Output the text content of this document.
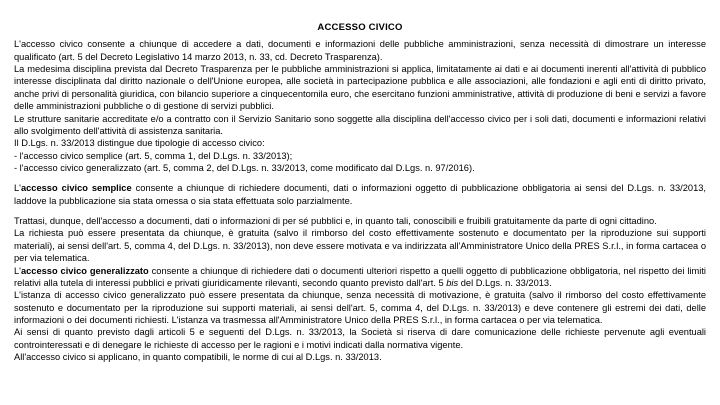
ACCESSO CIVICO

L'accesso civico consente a chiunque di accedere a dati, documenti e informazioni delle pubbliche amministrazioni, senza necessità di dimostrare un interesse qualificato (art. 5 del Decreto Legislativo 14 marzo 2013, n. 33, cd. Decreto Trasparenza).

La medesima disciplina prevista dal Decreto Trasparenza per le pubbliche amministrazioni si applica, limitatamente ai dati e ai documenti inerenti all'attività di pubblico interesse disciplinata dal diritto nazionale o dell'Unione europea, alle società in partecipazione pubblica e alle associazioni, alle fondazioni e agli enti di diritto privato, anche privi di personalità giuridica, con bilancio superiore a cinquecentomila euro, che esercitano funzioni amministrative, attività di produzione di beni e servizi a favore delle amministrazioni pubbliche o di gestione di servizi pubblici.

Le strutture sanitarie accreditate e/o a contratto con il Servizio Sanitario sono soggette alla disciplina dell'accesso civico per i soli dati, documenti e informazioni relativi allo svolgimento dell'attività di assistenza sanitaria.

Il D.Lgs. n. 33/2013 distingue due tipologie di accesso civico:

- l'accesso civico semplice (art. 5, comma 1, del D.Lgs. n. 33/2013);

- l'accesso civico generalizzato (art. 5, comma 2, del D.Lgs. n. 33/2013, come modificato dal D.Lgs. n. 97/2016).

L'accesso civico semplice consente a chiunque di richiedere documenti, dati o informazioni oggetto di pubblicazione obbligatoria ai sensi del D.Lgs. n. 33/2013, laddove la pubblicazione sia stata omessa o sia stata effettuata solo parzialmente.

Trattasi, dunque, dell'accesso a documenti, dati o informazioni di per sé pubblici e, in quanto tali, conoscibili e fruibili gratuitamente da parte di ogni cittadino.

La richiesta può essere presentata da chiunque, è gratuita (salvo il rimborso del costo effettivamente sostenuto e documentato per la riproduzione sui supporti materiali), ai sensi dell'art. 5, comma 4, del D.Lgs. n. 33/2013), non deve essere motivata e va indirizzata all'Amministratore Unico della PRES S.r.l., in forma cartacea o per via telematica.

L'accesso civico generalizzato consente a chiunque di richiedere dati o documenti ulteriori rispetto a quelli oggetto di pubblicazione obbligatoria, nel rispetto dei limiti relativi alla tutela di interessi pubblici e privati giuridicamente rilevanti, secondo quanto previsto dall'art. 5 bis del D.Lgs. n. 33/2013.

L'istanza di accesso civico generalizzato può essere presentata da chiunque, senza necessità di motivazione, è gratuita (salvo il rimborso del costo effettivamente sostenuto e documentato per la riproduzione sui supporti materiali, ai sensi dell'art. 5, comma 4, del D.Lgs. n. 33/2013) e deve contenere gli estremi dei dati, delle informazioni o dei documenti richiesti. L'istanza va trasmessa all'Amministratore Unico della PRES S.r.l., in forma cartacea o per via telematica.

Ai sensi di quanto previsto dagli articoli 5 e seguenti del D.Lgs. n. 33/2013, la Società si riserva di dare comunicazione delle richieste pervenute agli eventuali controinteressati e di denegare le richieste di accesso per le ragioni e i motivi indicati dalla normativa vigente.

All'accesso civico si applicano, in quanto compatibili, le norme di cui al D.Lgs. n. 33/2013.
